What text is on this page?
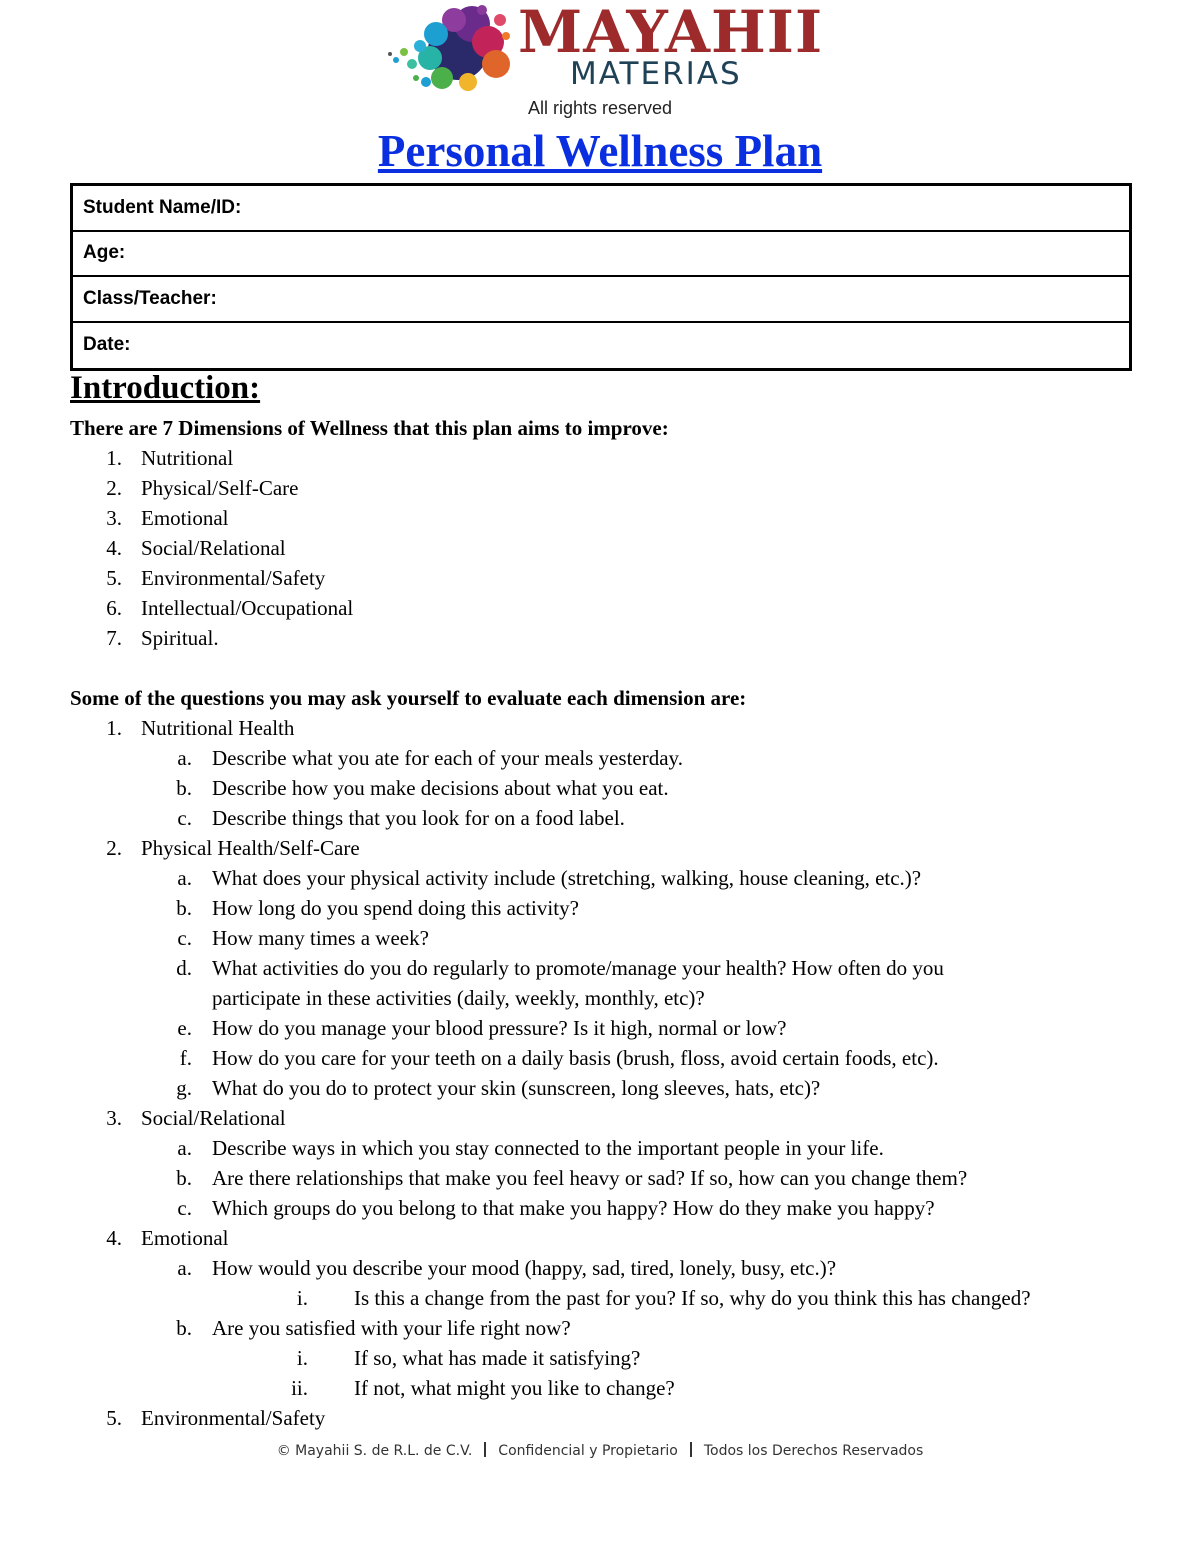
MAYAHII
MATERIAS
All rights reserved
Personal Wellness Plan
Student Name/ID:
Age:
Class/Teacher:
Date:
Introduction:
There are 7 Dimensions of Wellness that this plan aims to improve:
1. Nutritional
2. Physical/Self-Care
3. Emotional
4. Social/Relational
5. Environmental/Safety
6. Intellectual/Occupational
7. Spiritual.
Some of the questions you may ask yourself to evaluate each dimension are:
1. Nutritional Health
a. Describe what you ate for each of your meals yesterday.
b. Describe how you make decisions about what you eat.
c. Describe things that you look for on a food label.
2. Physical Health/Self-Care
a. What does your physical activity include (stretching, walking, house cleaning, etc.)?
b. How long do you spend doing this activity?
c. How many times a week?
d. What activities do you do regularly to promote/manage your health? How often do you
participate in these activities (daily, weekly, monthly, etc)?
e. How do you manage your blood pressure? Is it high, normal or low?
f. How do you care for your teeth on a daily basis (brush, floss, avoid certain foods, etc).
g. What do you do to protect your skin (sunscreen, long sleeves, hats, etc)?
3. Social/Relational
a. Describe ways in which you stay connected to the important people in your life.
b. Are there relationships that make you feel heavy or sad? If so, how can you change them?
c. Which groups do you belong to that make you happy? How do they make you happy?
4. Emotional
a. How would you describe your mood (happy, sad, tired, lonely, busy, etc.)?
i. Is this a change from the past for you? If so, why do you think this has changed?
b. Are you satisfied with your life right now?
i. If so, what has made it satisfying?
ii. If not, what might you like to change?
5. Environmental/Safety
© Mayahii S. de R.L. de C.V. Confidencial y Propietario Todos los Derechos Reservados
